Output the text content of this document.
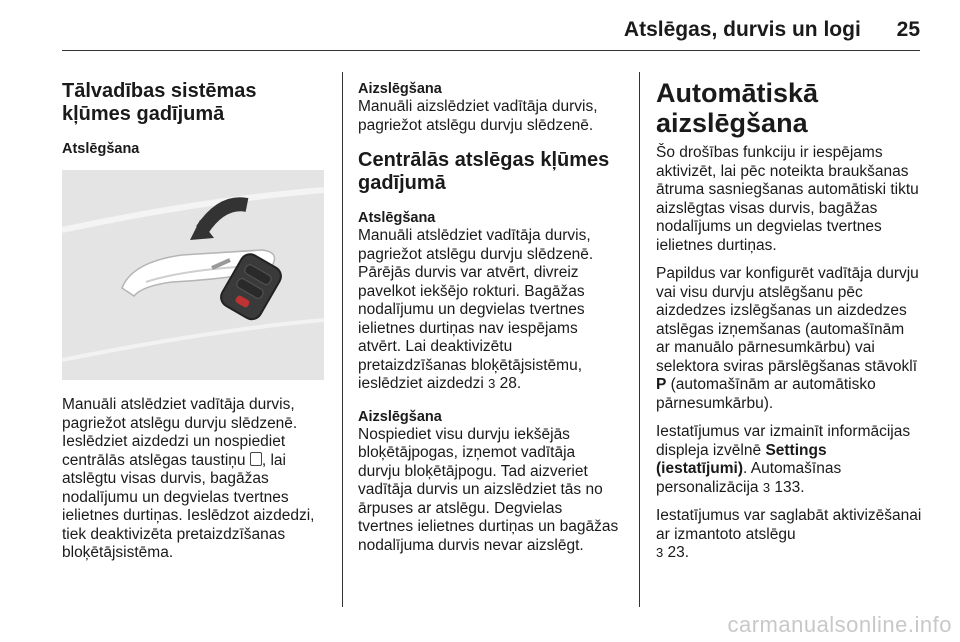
Atslēgas, durvis un logi 25
Tālvadības sistēmas kļūmes gadījumā
Atslēgšana

Manuāli atslēdziet vadītāja durvis, pagriežot atslēgu durvju slēdzenē. Ieslēdziet aizdedzi un nospiediet centrālās atslēgas taustiņu , lai atslēgtu visas durvis, bagāžas nodalījumu un degvielas tvertnes ielietnes durtiņas. Ieslēdzot aizdedzi, tiek deaktivizēta pretaizdzīšanas bloķētājsistēma.

Aizslēgšana

Manuāli aizslēdziet vadītāja durvis, pagriežot atslēgu durvju slēdzenē.

Centrālās atslēgas kļūmes gadījumā
Atslēgšana

Manuāli atslēdziet vadītāja durvis, pagriežot atslēgu durvju slēdzenē. Pārējās durvis var atvērt, divreiz pavelkot iekšējo rokturi. Bagāžas nodalījumu un degvielas tvertnes ielietnes durtiņas nav iespējams atvērt. Lai deaktivizētu pretaizdzīšanas bloķētājsistēmu, ieslēdziet aizdedzi 3 28.

Aizslēgšana

Nospiediet visu durvju iekšējās bloķētājpogas, izņemot vadītāja durvju bloķētājpogu. Tad aizveriet vadītāja durvis un aizslēdziet tās no ārpuses ar atslēgu. Degvielas tvertnes ielietnes durtiņas un bagāžas nodalījuma durvis nevar aizslēgt.

Automātiskā aizslēgšana

Šo drošības funkciju ir iespējams aktivizēt, lai pēc noteikta braukšanas ātruma sasniegšanas automātiski tiktu aizslēgtas visas durvis, bagāžas nodalījums un degvielas tvertnes ielietnes durtiņas.

Papildus var konfigurēt vadītāja durvju vai visu durvju atslēgšanu pēc aizdedzes izslēgšanas un aizdedzes atslēgas izņemšanas (automašīnām ar manuālo pārnesumkārbu) vai selektora sviras pārslēgšanas stāvoklī P (automašīnām ar automātisko pārnesumkārbu).

Iestatījumus var izmainīt informācijas displeja izvēlnē Settings (iestatījumi). Automašīnas personalizācija 3 133.

Iestatījumus var saglabāt aktivizēšanai ar izmantoto atslēgu
3 23.

carmanualsonline.info
